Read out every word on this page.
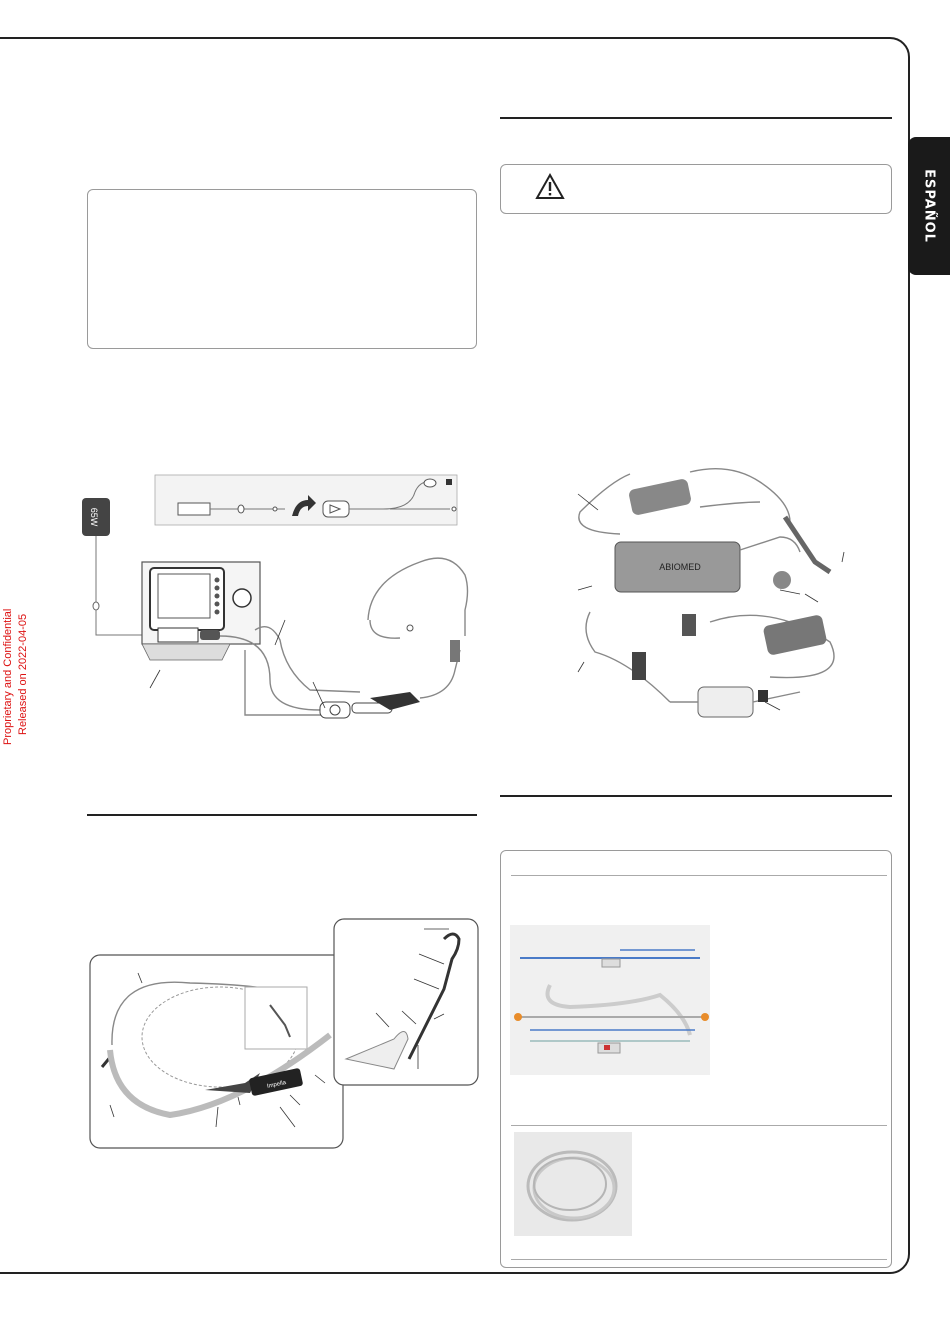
ESPAÑOL
Proprietary and Confidential Released on 2022-04-05
65W
Impella
ABIOMED
